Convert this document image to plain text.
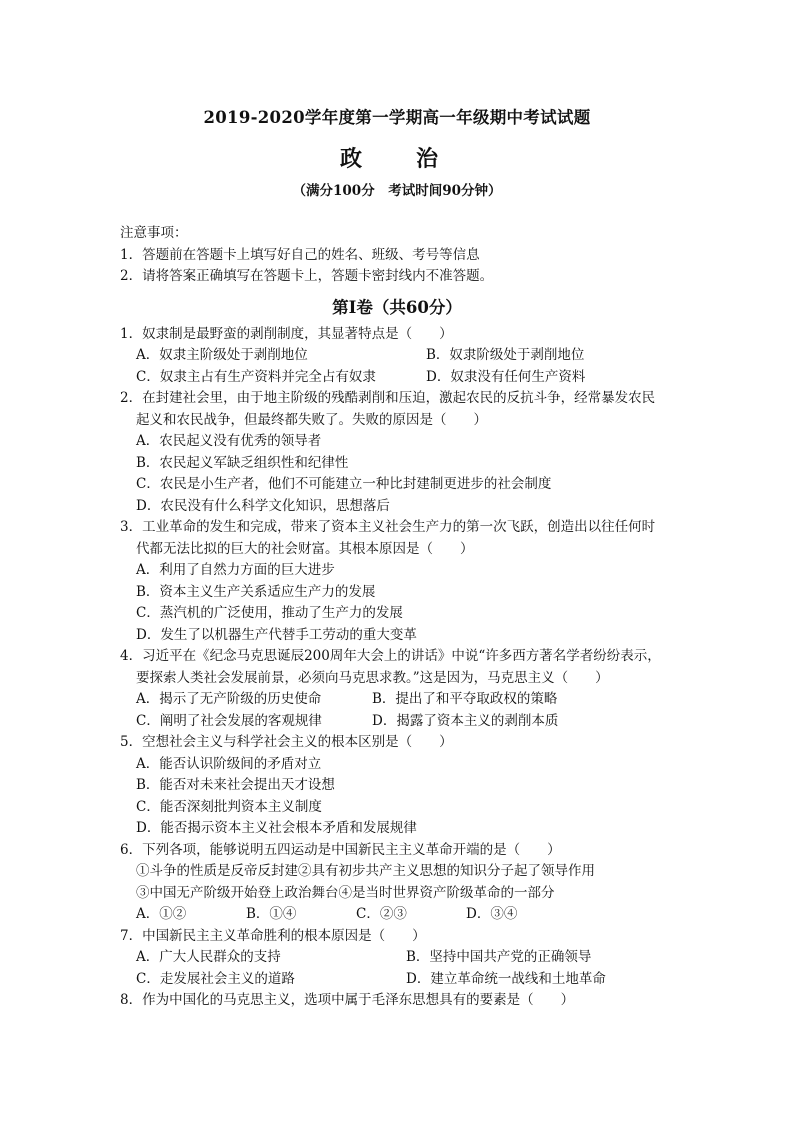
2019-2020学年度第一学期高一年级期中考试试题
政　治
（满分100分　考试时间90分钟）
注意事项：
1．答题前在答题卡上填写好自己的姓名、班级、考号等信息
2．请将答案正确填写在答题卡上，答题卡密封线内不准答题。
第Ⅰ卷（共60分）
1．奴隶制是最野蛮的剥削制度，其显著特点是（　　）
A．奴隶主阶级处于剥削地位	B．奴隶阶级处于剥削地位
C．奴隶主占有生产资料并完全占有奴隶	D．奴隶没有任何生产资料
2．在封建社会里，由于地主阶级的残酷剥削和压迫，激起农民的反抗斗争，经常暴发农民
起义和农民战争，但最终都失败了。失败的原因是（　　）
A．农民起义没有优秀的领导者
B．农民起义军缺乏组织性和纪律性
C．农民是小生产者，他们不可能建立一种比封建制更进步的社会制度
D．农民没有什么科学文化知识，思想落后
3．工业革命的发生和完成，带来了资本主义社会生产力的第一次飞跃，创造出以往任何时
代都无法比拟的巨大的社会财富。其根本原因是（　　）
A．利用了自然力方面的巨大进步
B．资本主义生产关系适应生产力的发展
C．蒸汽机的广泛使用，推动了生产力的发展
D．发生了以机器生产代替手工劳动的重大变革
4．习近平在《纪念马克思诞辰200周年大会上的讲话》中说“许多西方著名学者纷纷表示，
要探索人类社会发展前景，必须向马克思求教。”这是因为，马克思主义（　　）
A．揭示了无产阶级的历史使命	B．提出了和平夺取政权的策略
C．阐明了社会发展的客观规律	D．揭露了资本主义的剥削本质
5．空想社会主义与科学社会主义的根本区别是（　　）
A．能否认识阶级间的矛盾对立
B．能否对未来社会提出天才设想
C．能否深刻批判资本主义制度
D．能否揭示资本主义社会根本矛盾和发展规律
6．下列各项，能够说明五四运动是中国新民主主义革命开端的是（　　）
①斗争的性质是反帝反封建②具有初步共产主义思想的知识分子起了领导作用
③中国无产阶级开始登上政治舞台④是当时世界资产阶级革命的一部分
A．①②	B．①④	C．②③	D．③④
7．中国新民主主义革命胜利的根本原因是（　　）
A．广大人民群众的支持	B．坚持中国共产党的正确领导
C．走发展社会主义的道路	D．建立革命统一战线和土地革命
8．作为中国化的马克思主义，选项中属于毛泽东思想具有的要素是（　　）
